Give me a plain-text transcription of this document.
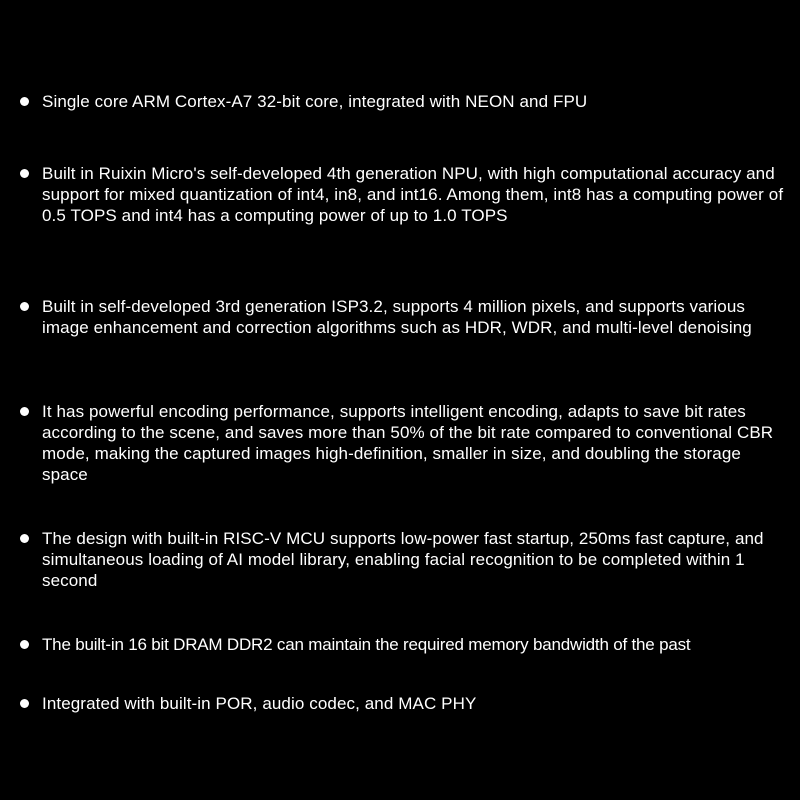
Single core ARM Cortex-A7 32-bit core, integrated with NEON and FPU
Built in Ruixin Micro's self-developed 4th generation NPU, with high computational accuracy and support for mixed quantization of int4, in8, and int16. Among them, int8 has a computing power of 0.5 TOPS and int4 has a computing power of up to 1.0 TOPS
Built in self-developed 3rd generation ISP3.2, supports 4 million pixels, and supports various image enhancement and correction algorithms such as HDR, WDR, and multi-level denoising
It has powerful encoding performance, supports intelligent encoding, adapts to save bit rates according to the scene, and saves more than 50% of the bit rate compared to conventional CBR mode, making the captured images high-definition, smaller in size, and doubling the storage space
The design with built-in RISC-V MCU supports low-power fast startup, 250ms fast capture, and simultaneous loading of AI model library, enabling facial recognition to be completed within 1 second
The built-in 16 bit DRAM DDR2 can maintain the required memory bandwidth of the past
Integrated with built-in POR, audio codec, and MAC PHY
